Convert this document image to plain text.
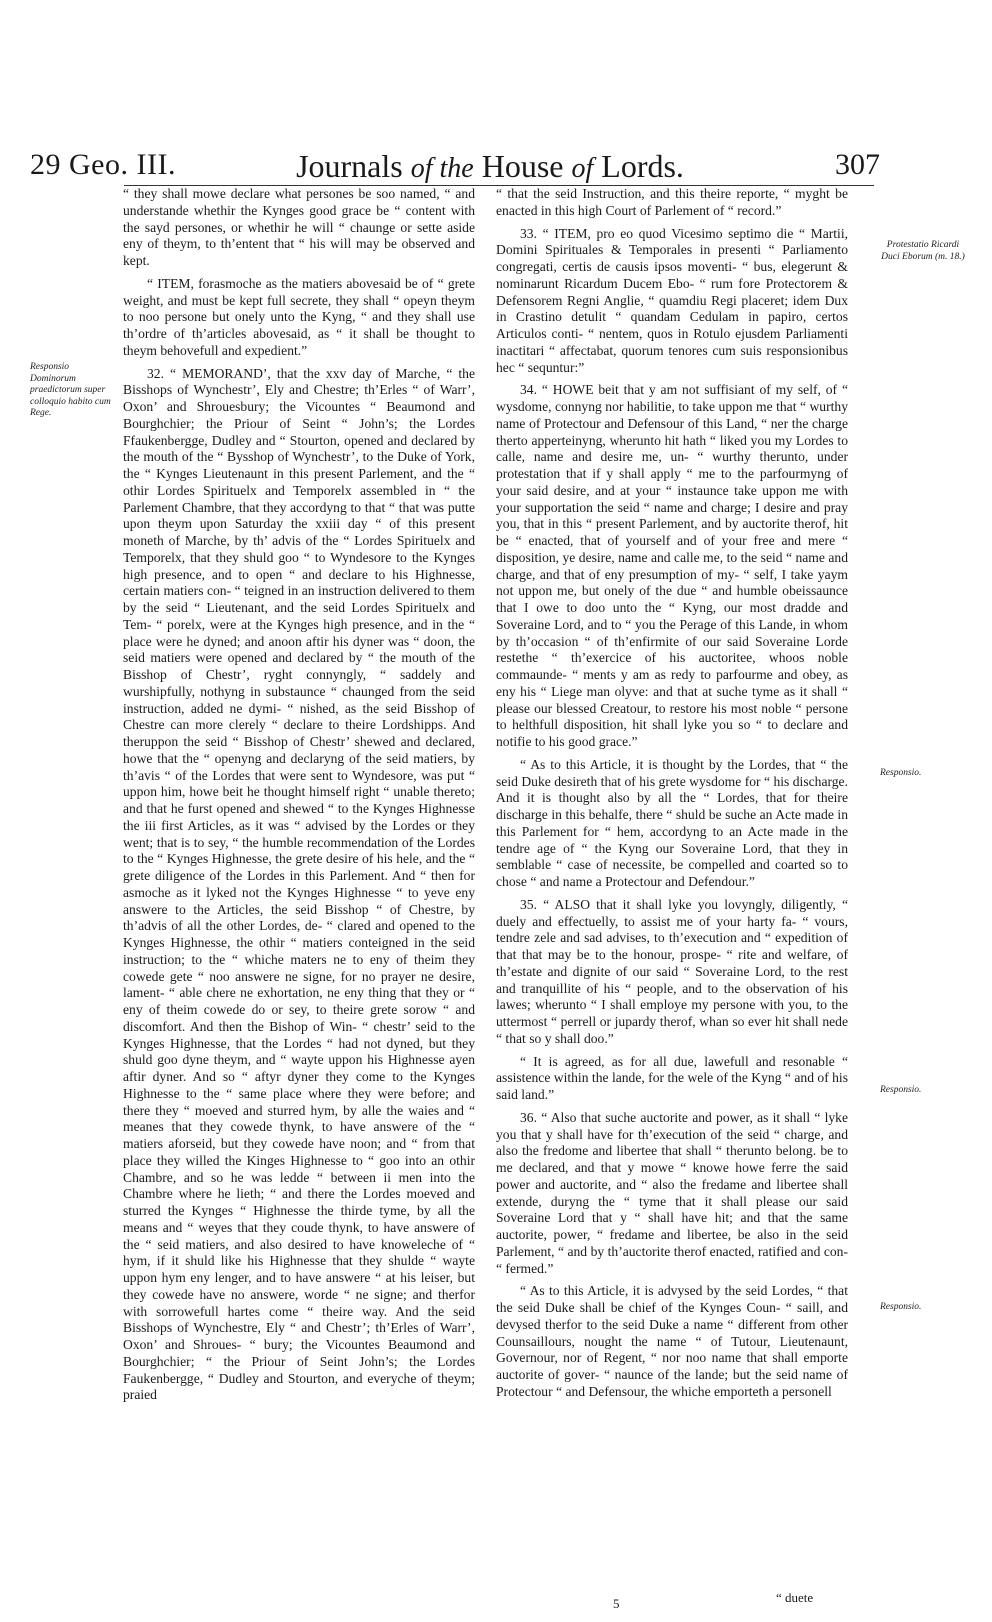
29 Geo. III.	Journals of the House of Lords.	307
Responsio Dominorum praedictorum super colloquio habito cum Rege.
Protestatio Ricardi Duci Eborum (m. 18.)
Responsio.
Responsio.
Responsio.

“ they shall mowe declare what persones be soo named, “ and understande whethir the Kynges good grace be “ content with the sayd persones, or whethir he will “ chaunge or sette aside eny of theym, to th’entent that “ his will may be observed and kept.

“ ITEM, forasmoche as the matiers abovesaid be of “ grete weight, and must be kept full secrete, they shall “ opeyn theym to noo persone but onely unto the Kyng, “ and they shall use th’ordre of th’articles abovesaid, as “ it shall be thought to theym behovefull and expedient.”

32. “ MEMORAND’, that the xxv day of Marche, “ the Bisshops of Wynchestr’, Ely and Chestre; th’Erles “ of Warr’, Oxon’ and Shrouesbury; the Vicountes “ Beaumond and Bourghchier; the Priour of Seint “ John’s; the Lordes Ffaukenbergge, Dudley and “ Stourton, opened and declared by the mouth of the “ Bysshop of Wynchestr’, to the Duke of York, the “ Kynges Lieutenaunt in this present Parlement, and the “ othir Lordes Spirituelx and Temporelx assembled in “ the Parlement Chambre, that they accordyng to that “ that was putte upon theym upon Saturday the xxiii day “ of this present moneth of Marche, by th’ advis of the “ Lordes Spirituelx and Temporelx, that they shuld goo “ to Wyndesore to the Kynges high presence, and to open “ and declare to his Highnesse, certain matiers con- “ teigned in an instruction delivered to them by the seid “ Lieutenant, and the seid Lordes Spirituelx and Tem- “ porelx, were at the Kynges high presence, and in the “ place were he dyned; and anoon aftir his dyner was “ doon, the seid matiers were opened and declared by “ the mouth of the Bisshop of Chestr’, ryght connyngly, “ saddely and wurshipfully, nothyng in substaunce “ chaunged from the seid instruction, added ne dymi- “ nished, as the seid Bisshop of Chestre can more clerely “ declare to theire Lordshipps. And theruppon the seid “ Bisshop of Chestr’ shewed and declared, howe that the “ openyng and declaryng of the seid matiers, by th’avis “ of the Lordes that were sent to Wyndesore, was put “ uppon him, howe beit he thought himself right “ unable thereto; and that he furst opened and shewed “ to the Kynges Highnesse the iii first Articles, as it was “ advised by the Lordes or they went; that is to sey, “ the humble recommendation of the Lordes to the “ Kynges Highnesse, the grete desire of his hele, and the “ grete diligence of the Lordes in this Parlement. And “ then for asmoche as it lyked not the Kynges Highnesse “ to yeve eny answere to the Articles, the seid Bisshop “ of Chestre, by th’advis of all the other Lordes, de- “ clared and opened to the Kynges Highnesse, the othir “ matiers conteigned in the seid instruction; to the “ whiche maters ne to eny of theim they cowede gete “ noo answere ne signe, for no prayer ne desire, lament- “ able chere ne exhortation, ne eny thing that they or “ eny of theim cowede do or sey, to theire grete sorow “ and discomfort. And then the Bishop of Win- “ chestr’ seid to the Kynges Highnesse, that the Lordes “ had not dyned, but they shuld goo dyne theym, and “ wayte uppon his Highnesse ayen aftir dyner. And so “ aftyr dyner they come to the Kynges Highnesse to the “ same place where they were before; and there they “ moeved and sturred hym, by alle the waies and “ meanes that they cowede thynk, to have answere of the “ matiers aforseid, but they cowede have noon; and “ from that place they willed the Kinges Highnesse to “ goo into an othir Chambre, and so he was ledde “ between ii men into the Chambre where he lieth; “ and there the Lordes moeved and sturred the Kynges “ Highnesse the thirde tyme, by all the means and “ weyes that they coude thynk, to have answere of the “ seid matiers, and also desired to have knoweleche of “ hym, if it shuld like his Highnesse that they shulde “ wayte uppon hym eny lenger, and to have answere “ at his leiser, but they cowede have no answere, worde “ ne signe; and therfor with sorrowefull hartes come “ theire way. And the seid Bisshops of Wynchestre, Ely “ and Chestr’; th’Erles of Warr’, Oxon’ and Shroues- “ bury; the Vicountes Beaumond and Bourghchier; “ the Priour of Seint John’s; the Lordes Faukenbergge, “ Dudley and Stourton, and everyche of theym; praied

“ that the seid Instruction, and this theire reporte, “ myght be enacted in this high Court of Parlement of “ record.”

33. “ ITEM, pro eo quod Vicesimo septimo die “ Martii, Domini Spirituales & Temporales in presenti “ Parliamento congregati, certis de causis ipsos moventi- “ bus, elegerunt & nominarunt Ricardum Ducem Ebo- “ rum fore Protectorem & Defensorem Regni Anglie, “ quamdiu Regi placeret; idem Dux in Crastino detulit “ quandam Cedulam in papiro, certos Articulos conti- “ nentem, quos in Rotulo ejusdem Parliamenti inactitari “ affectabat, quorum tenores cum suis responsionibus hec “ sequntur:”

34. “ HOWE beit that y am not suffisiant of my self, of “ wysdome, connyng nor habilitie, to take uppon me that “ wurthy name of Protectour and Defensour of this Land, “ ner the charge therto apperteinyng, wherunto hit hath “ liked you my Lordes to calle, name and desire me, un- “ wurthy therunto, under protestation that if y shall apply “ me to the parfourmyng of your said desire, and at your “ instaunce take uppon me with your supportation the seid “ name and charge; I desire and pray you, that in this “ present Parlement, and by auctorite therof, hit be “ enacted, that of yourself and of your free and mere “ disposition, ye desire, name and calle me, to the seid “ name and charge, and that of eny presumption of my- “ self, I take yaym not uppon me, but onely of the due “ and humble obeissaunce that I owe to doo unto the “ Kyng, our most dradde and Soveraine Lord, and to “ you the Perage of this Lande, in whom by th’occasion “ of th’enfirmite of our said Soveraine Lorde restethe “ th’exercice of his auctoritee, whoos noble commaunde- “ ments y am as redy to parfourme and obey, as eny his “ Liege man olyve: and that at suche tyme as it shall “ please our blessed Creatour, to restore his most noble “ persone to helthfull disposition, hit shall lyke you so “ to declare and notifie to his good grace.”

“ As to this Article, it is thought by the Lordes, that “ the seid Duke desireth that of his grete wysdome for “ his discharge. And it is thought also by all the “ Lordes, that for theire discharge in this behalfe, there “ shuld be suche an Acte made in this Parlement for “ hem, accordyng to an Acte made in the tendre age of “ the Kyng our Soveraine Lord, that they in semblable “ case of necessite, be compelled and coarted so to chose “ and name a Protectour and Defendour.”

35. “ ALSO that it shall lyke you lovyngly, diligently, “ duely and effectuelly, to assist me of your harty fa- “ vours, tendre zele and sad advises, to th’execution and “ expedition of that that may be to the honour, prospe- “ rite and welfare, of th’estate and dignite of our said “ Soveraine Lord, to the rest and tranquillite of his “ people, and to the observation of his lawes; wherunto “ I shall employe my persone with you, to the uttermost “ perrell or jupardy therof, whan so ever hit shall nede “ that so y shall doo.”

“ It is agreed, as for all due, lawefull and resonable “ assistence within the lande, for the wele of the Kyng “ and of his said land.”

36. “ Also that suche auctorite and power, as it shall “ lyke you that y shall have for th’execution of the seid “ charge, and also the fredome and libertee that shall “ therunto belong. be to me declared, and that y mowe “ knowe howe ferre the said power and auctorite, and “ also the fredame and libertee shall extende, duryng the “ tyme that it shall please our said Soveraine Lord that y “ shall have hit; and that the same auctorite, power, “ fredame and libertee, be also in the seid Parlement, “ and by th’auctorite therof enacted, ratified and con- “ fermed.”

“ As to this Article, it is advysed by the seid Lordes, “ that the seid Duke shall be chief of the Kynges Coun- “ saill, and devysed therfor to the seid Duke a name “ different from other Counsaillours, nought the name “ of Tutour, Lieutenaunt, Governour, nor of Regent, “ nor noo name that shall emporte auctorite of gover- “ naunce of the lande; but the seid name of Protectour “ and Defensour, the whiche emporteth a personell

5	“ duete
